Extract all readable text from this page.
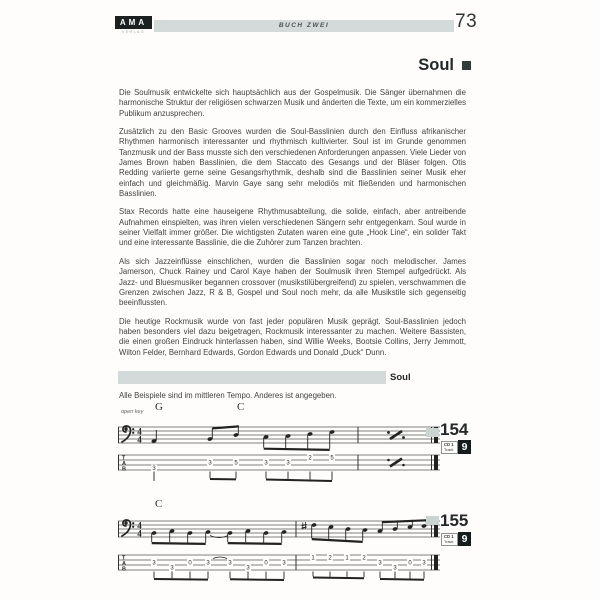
AMA
VERLAG
BUCH ZWEI	73
Soul

Die Soulmusik entwickelte sich hauptsächlich aus der Gospelmusik. Die Sänger übernahmen die harmonische Struktur der religiösen schwarzen Musik und änderten die Texte, um ein kommerzielles Publikum anzusprechen.

Zusätzlich zu den Basic Grooves wurden die Soul-Basslinien durch den Einfluss afrikanischer Rhythmen harmonisch interessanter und rhythmisch kultivierter. Soul ist im Grunde genommen Tanzmusik und der Bass musste sich den verschiedenen Anforderungen anpassen. Viele Lieder von James Brown haben Basslinien, die dem Staccato des Gesangs und der Bläser folgen. Otis Redding variierte gerne seine Gesangsrhythmik, deshalb sind die Basslinien seiner Musik eher einfach und gleichmäßig. Marvin Gaye sang sehr melodiös mit fließenden und harmonischen Basslinien.

Stax Records hatte eine hauseigene Rhythmusabteilung, die solide, einfach, aber antreibende Aufnahmen einspielten, was ihren vielen verschiedenen Sängern sehr entgegenkam. Soul wurde in seiner Vielfalt immer größer. Die wichtigsten Zutaten waren eine gute „Hook Line“, ein solider Takt und eine interessante Basslinie, die die Zuhörer zum Tanzen brachten.

Als sich Jazzeinflüsse einschlichen, wurden die Basslinien sogar noch melodischer. James Jamerson, Chuck Rainey und Carol Kaye haben der Soulmusik ihren Stempel aufgedrückt. Als Jazz- und Bluesmusiker begannen crossover (musikstilübergreifend) zu spielen, verschwammen die Grenzen zwischen Jazz, R & B, Gospel und Soul noch mehr, da alle Musikstile sich gegenseitig beeinflussten.

Die heutige Rockmusik wurde von fast jeder populären Musik geprägt. Soul-Basslinien jedoch haben besonders viel dazu beigetragen, Rockmusik interessanter zu machen. Weitere Bassisten, die einen großen Eindruck hinterlassen haben, sind Willie Weeks, Bootsie Collins, Jerry Jemmott, Wilton Felder, Bernhard Edwards, Gordon Edwards und Donald „Duck“ Dunn.

Soul
Alle Beispiele sind im mittleren Tempo. Anderes ist angegeben.
open key G	C
4
4
T
A
B	3
3	5	3	3
2	5
154
CD 1
Track 9
C
4
4
T
A
B
3
3
0 3	3
3
0 3
1 2 1 2
3
3
0 3
155
CD 1
Track 9
